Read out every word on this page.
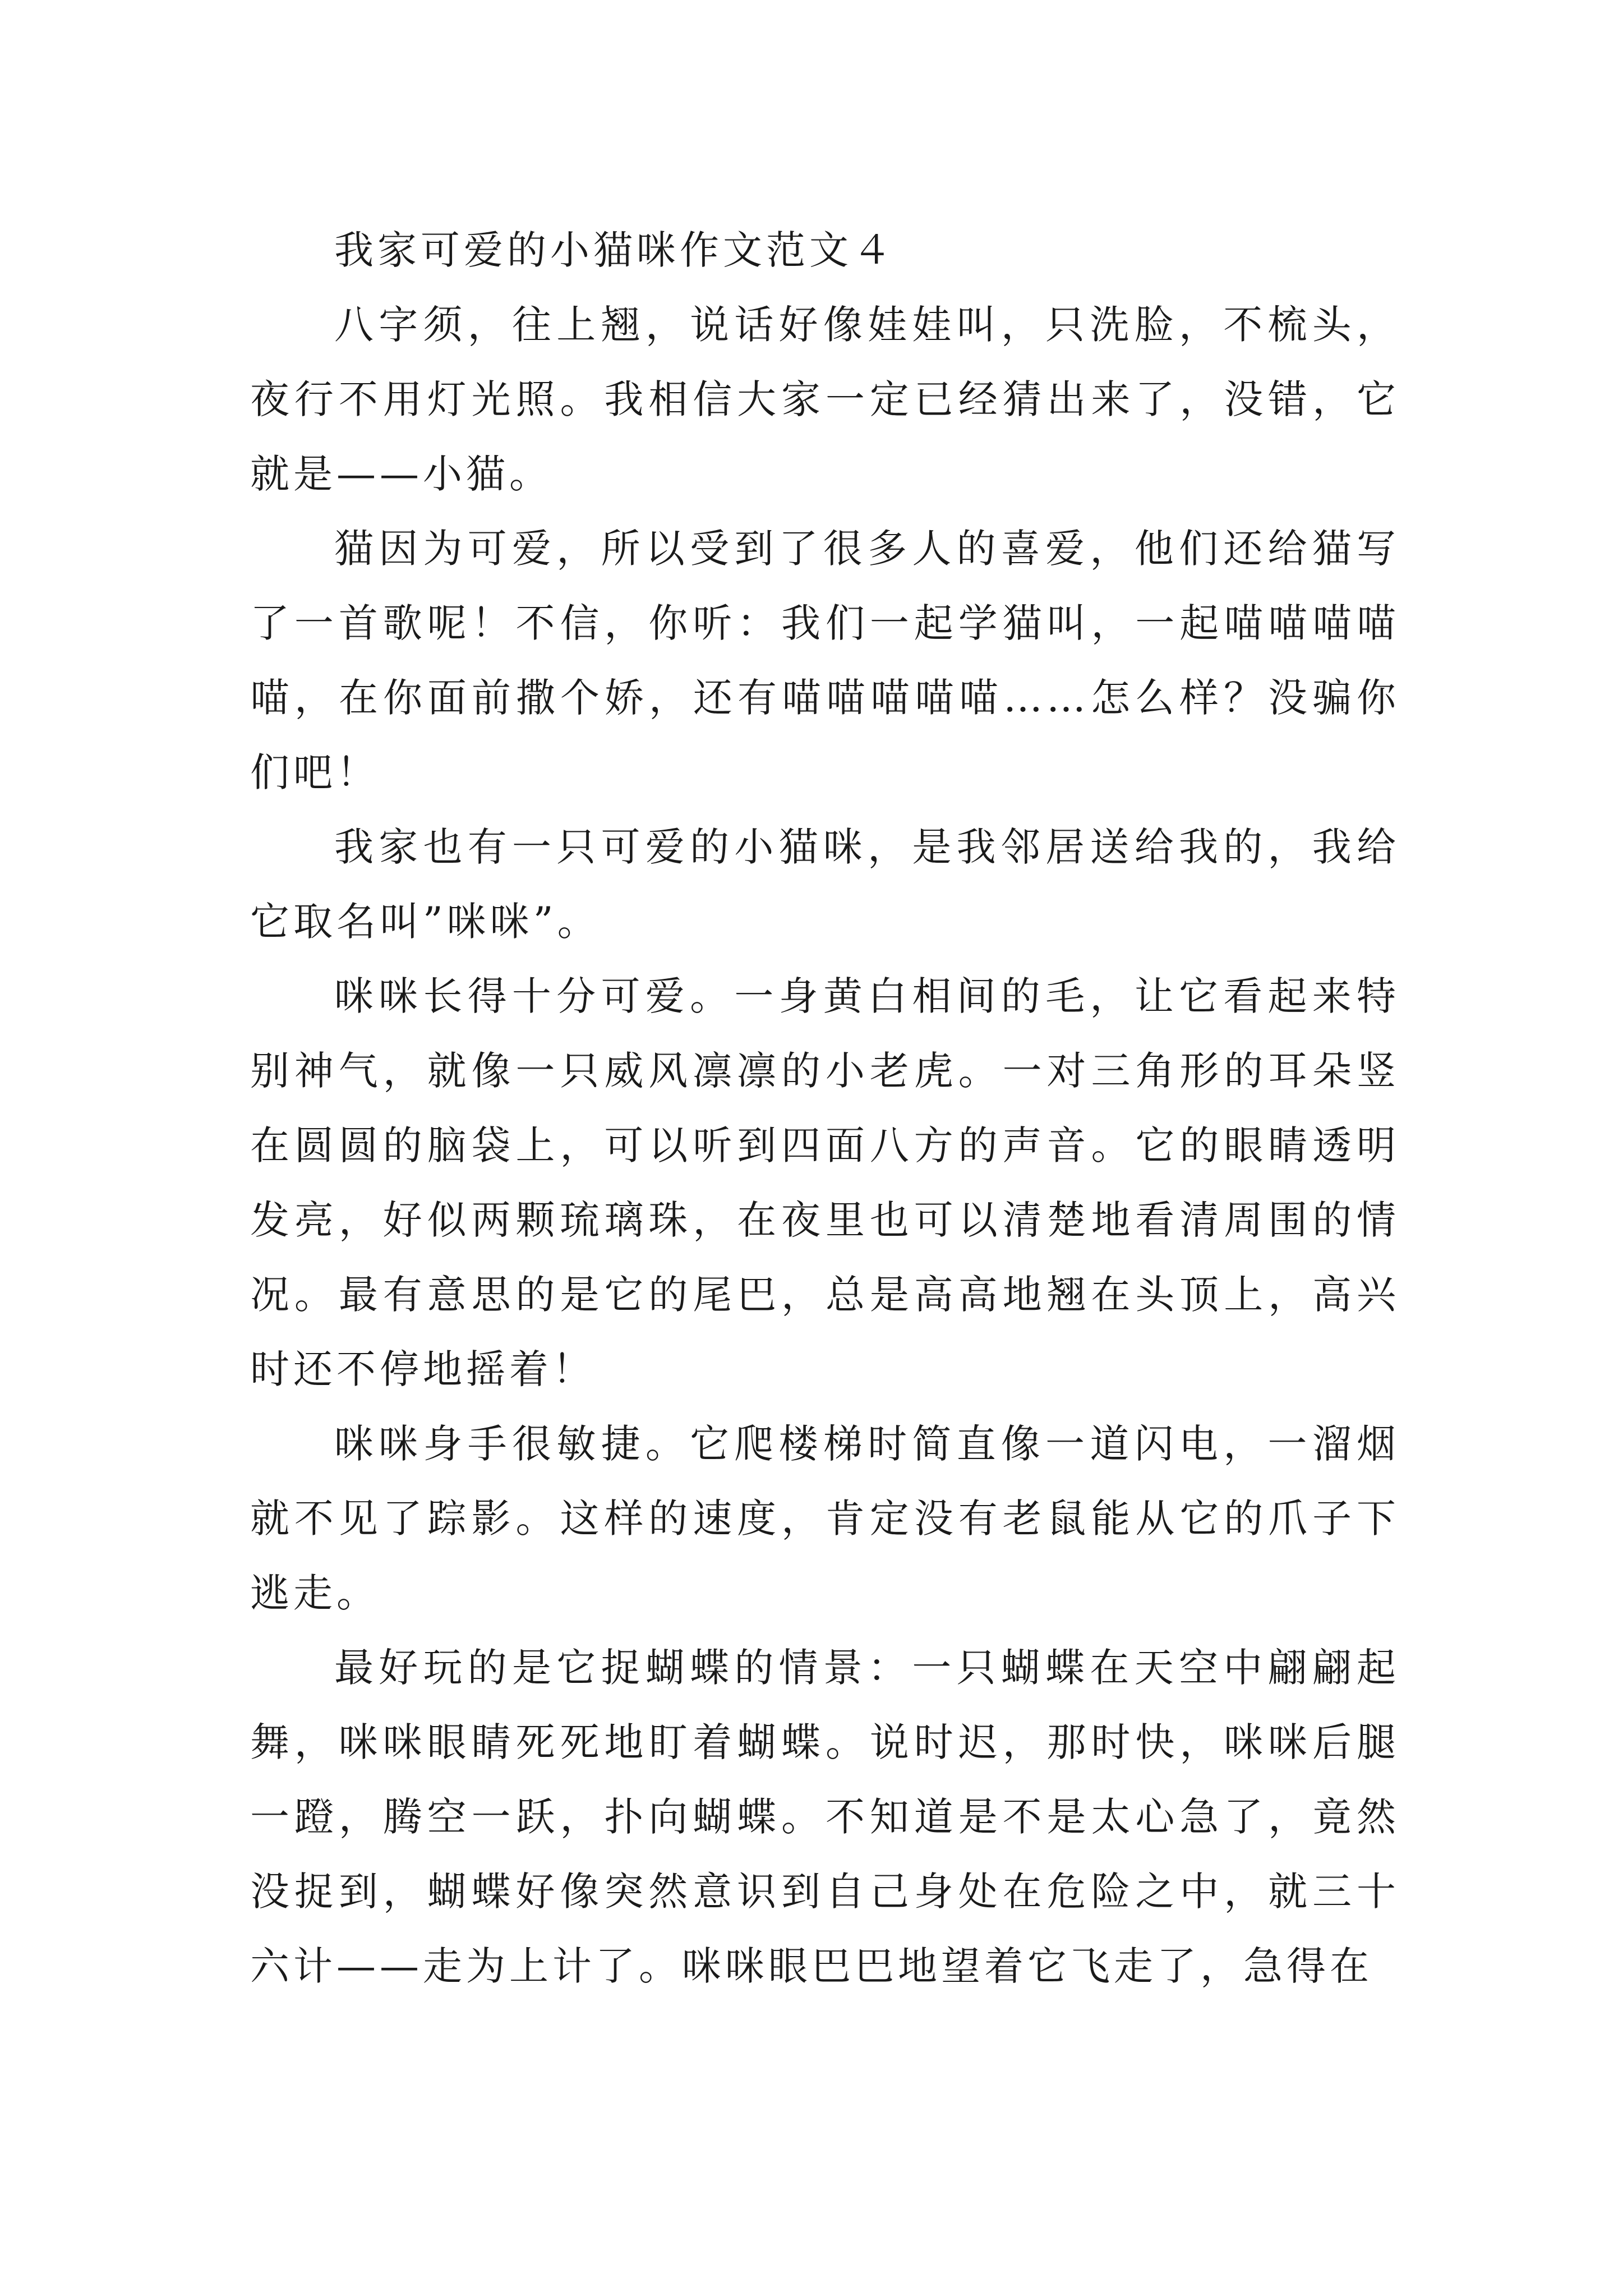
我家可爱的小猫咪作文范文４

八字须，往上翘，说话好像娃娃叫，只洗脸，不梳头，夜行不用灯光照。我相信大家一定已经猜出来了，没错，它就是——小猫。

猫因为可爱，所以受到了很多人的喜爱，他们还给猫写了一首歌呢！不信，你听：我们一起学猫叫，一起喵喵喵喵喵，在你面前撒个娇，还有喵喵喵喵喵……怎么样？没骗你们吧！

我家也有一只可爱的小猫咪，是我邻居送给我的，我给它取名叫”咪咪”。

咪咪长得十分可爱。一身黄白相间的毛，让它看起来特别神气，就像一只威风凛凛的小老虎。一对三角形的耳朵竖在圆圆的脑袋上，可以听到四面八方的声音。它的眼睛透明发亮，好似两颗琉璃珠，在夜里也可以清楚地看清周围的情况。最有意思的是它的尾巴，总是高高地翘在头顶上，高兴时还不停地摇着！

咪咪身手很敏捷。它爬楼梯时简直像一道闪电，一溜烟就不见了踪影。这样的速度，肯定没有老鼠能从它的爪子下逃走。

最好玩的是它捉蝴蝶的情景：一只蝴蝶在天空中翩翩起舞，咪咪眼睛死死地盯着蝴蝶。说时迟，那时快，咪咪后腿一蹬，腾空一跃，扑向蝴蝶。不知道是不是太心急了，竟然没捉到，蝴蝶好像突然意识到自己身处在危险之中，就三十六计——走为上计了。咪咪眼巴巴地望着它飞走了，急得在
